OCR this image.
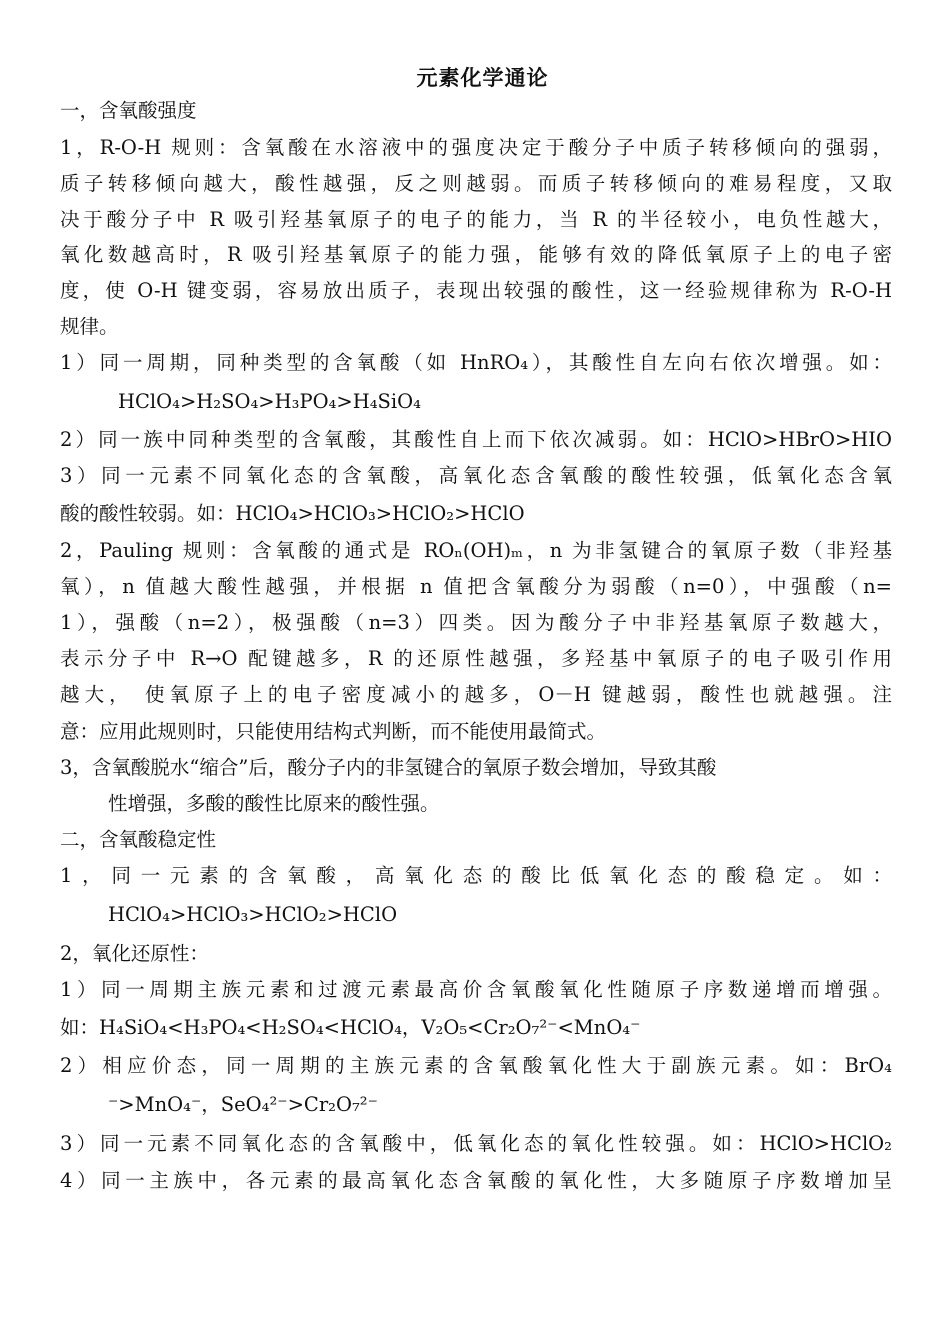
元素化学通论
一，含氧酸强度
1，R-O-H 规则：含氧酸在水溶液中的强度决定于酸分子中质子转移倾向的强弱，
质子转移倾向越大，酸性越强，反之则越弱。而质子转移倾向的难易程度，又取
决于酸分子中 R 吸引羟基氧原子的电子的能力，当 R 的半径较小，电负性越大，
氧化数越高时，R 吸引羟基氧原子的能力强，能够有效的降低氧原子上的电子密
度，使 O-H 键变弱，容易放出质子，表现出较强的酸性，这一经验规律称为 R-O-H
规律。
1）同一周期，同种类型的含氧酸（如 HnRO₄），其酸性自左向右依次增强。如：
HClO₄>H₂SO₄>H₃PO₄>H₄SiO₄
2）同一族中同种类型的含氧酸，其酸性自上而下依次减弱。如：HClO>HBrO>HIO
3）同一元素不同氧化态的含氧酸，高氧化态含氧酸的酸性较强，低氧化态含氧
酸的酸性较弱。如：HClO₄>HClO₃>HClO₂>HClO
2，Pauling 规则：含氧酸的通式是 ROₙ(OH)ₘ，n 为非氢键合的氧原子数（非羟基
氧），n 值越大酸性越强，并根据 n 值把含氧酸分为弱酸（n=0），中强酸（n=
1），强酸（n=2），极强酸（n=3）四类。因为酸分子中非羟基氧原子数越大，
表示分子中 R→O 配键越多，R 的还原性越强，多羟基中氧原子的电子吸引作用
越大， 使氧原子上的电子密度减小的越多，O－H 键越弱，酸性也就越强。注
意：应用此规则时，只能使用结构式判断，而不能使用最简式。
3，含氧酸脱水“缩合”后，酸分子内的非氢键合的氧原子数会增加，导致其酸
性增强，多酸的酸性比原来的酸性强。
二，含氧酸稳定性
1，同一元素的含氧酸，高氧化态的酸比低氧化态的酸稳定。如：
HClO₄>HClO₃>HClO₂>HClO
2，氧化还原性：
1）同一周期主族元素和过渡元素最高价含氧酸氧化性随原子序数递增而增强。
如：H₄SiO₄<H₃PO₄<H₂SO₄<HClO₄，V₂O₅<Cr₂O₇²⁻<MnO₄⁻
2）相应价态，同一周期的主族元素的含氧酸氧化性大于副族元素。如：BrO₄
⁻>MnO₄⁻，SeO₄²⁻>Cr₂O₇²⁻
3）同一元素不同氧化态的含氧酸中，低氧化态的氧化性较强。如：HClO>HClO₂
4）同一主族中，各元素的最高氧化态含氧酸的氧化性，大多随原子序数增加呈
